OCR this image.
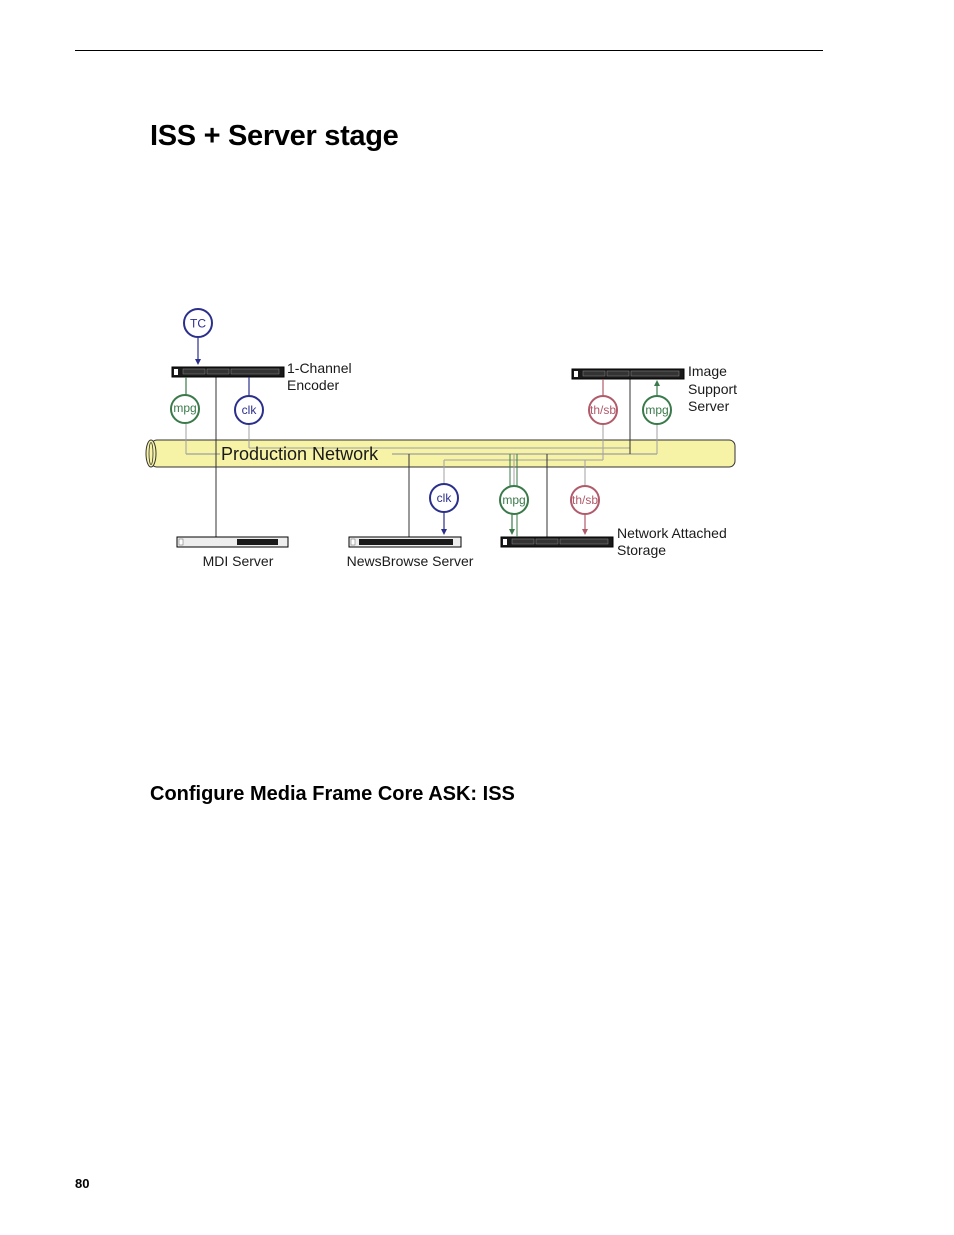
ISS + Server stage
Production Network
1-Channel
Encoder
TC
mpg	clk
Image
Support
Server
th/sb mpg
MDI Server	NewsBrowse Server
clk
Network Attached
Storage
mpg	th/sb
Configure Media Frame Core ASK: ISS
80
